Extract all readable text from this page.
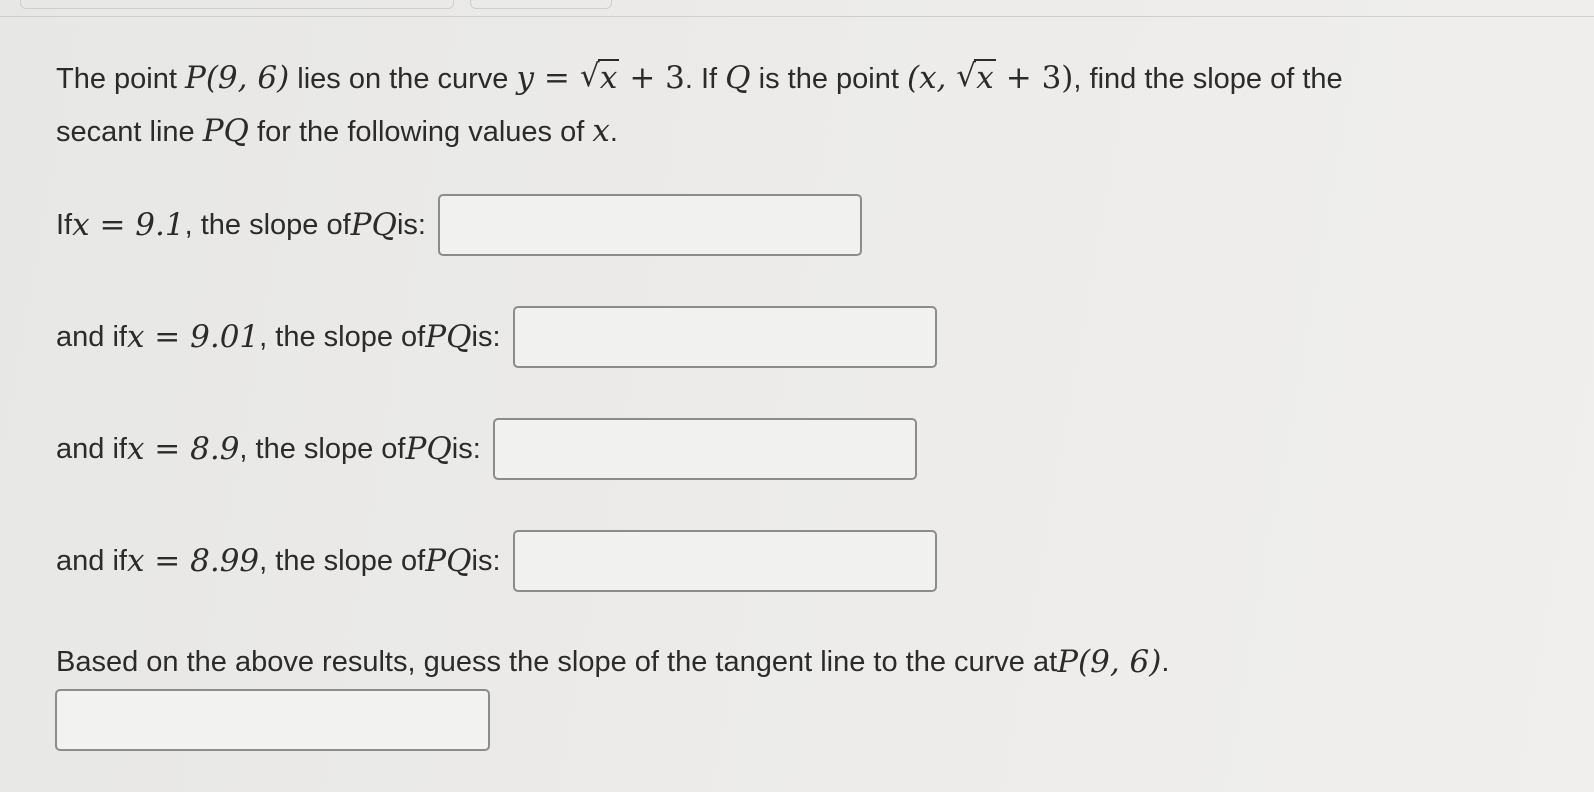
The point P(9, 6) lies on the curve y =√ x + 3. If Q is the point (x, √ x + 3), find the slope of the

secant line PQ for the following values of x.

If x = 9.1 , the slope of PQ is:
and if x = 9.01 , the slope of PQ is:
and if x = 8.9 , the slope of PQ is:
and if x = 8.99 , the slope of PQ is:
Based on the above results, guess the slope of the tangent line to the curve at P(9, 6) .
